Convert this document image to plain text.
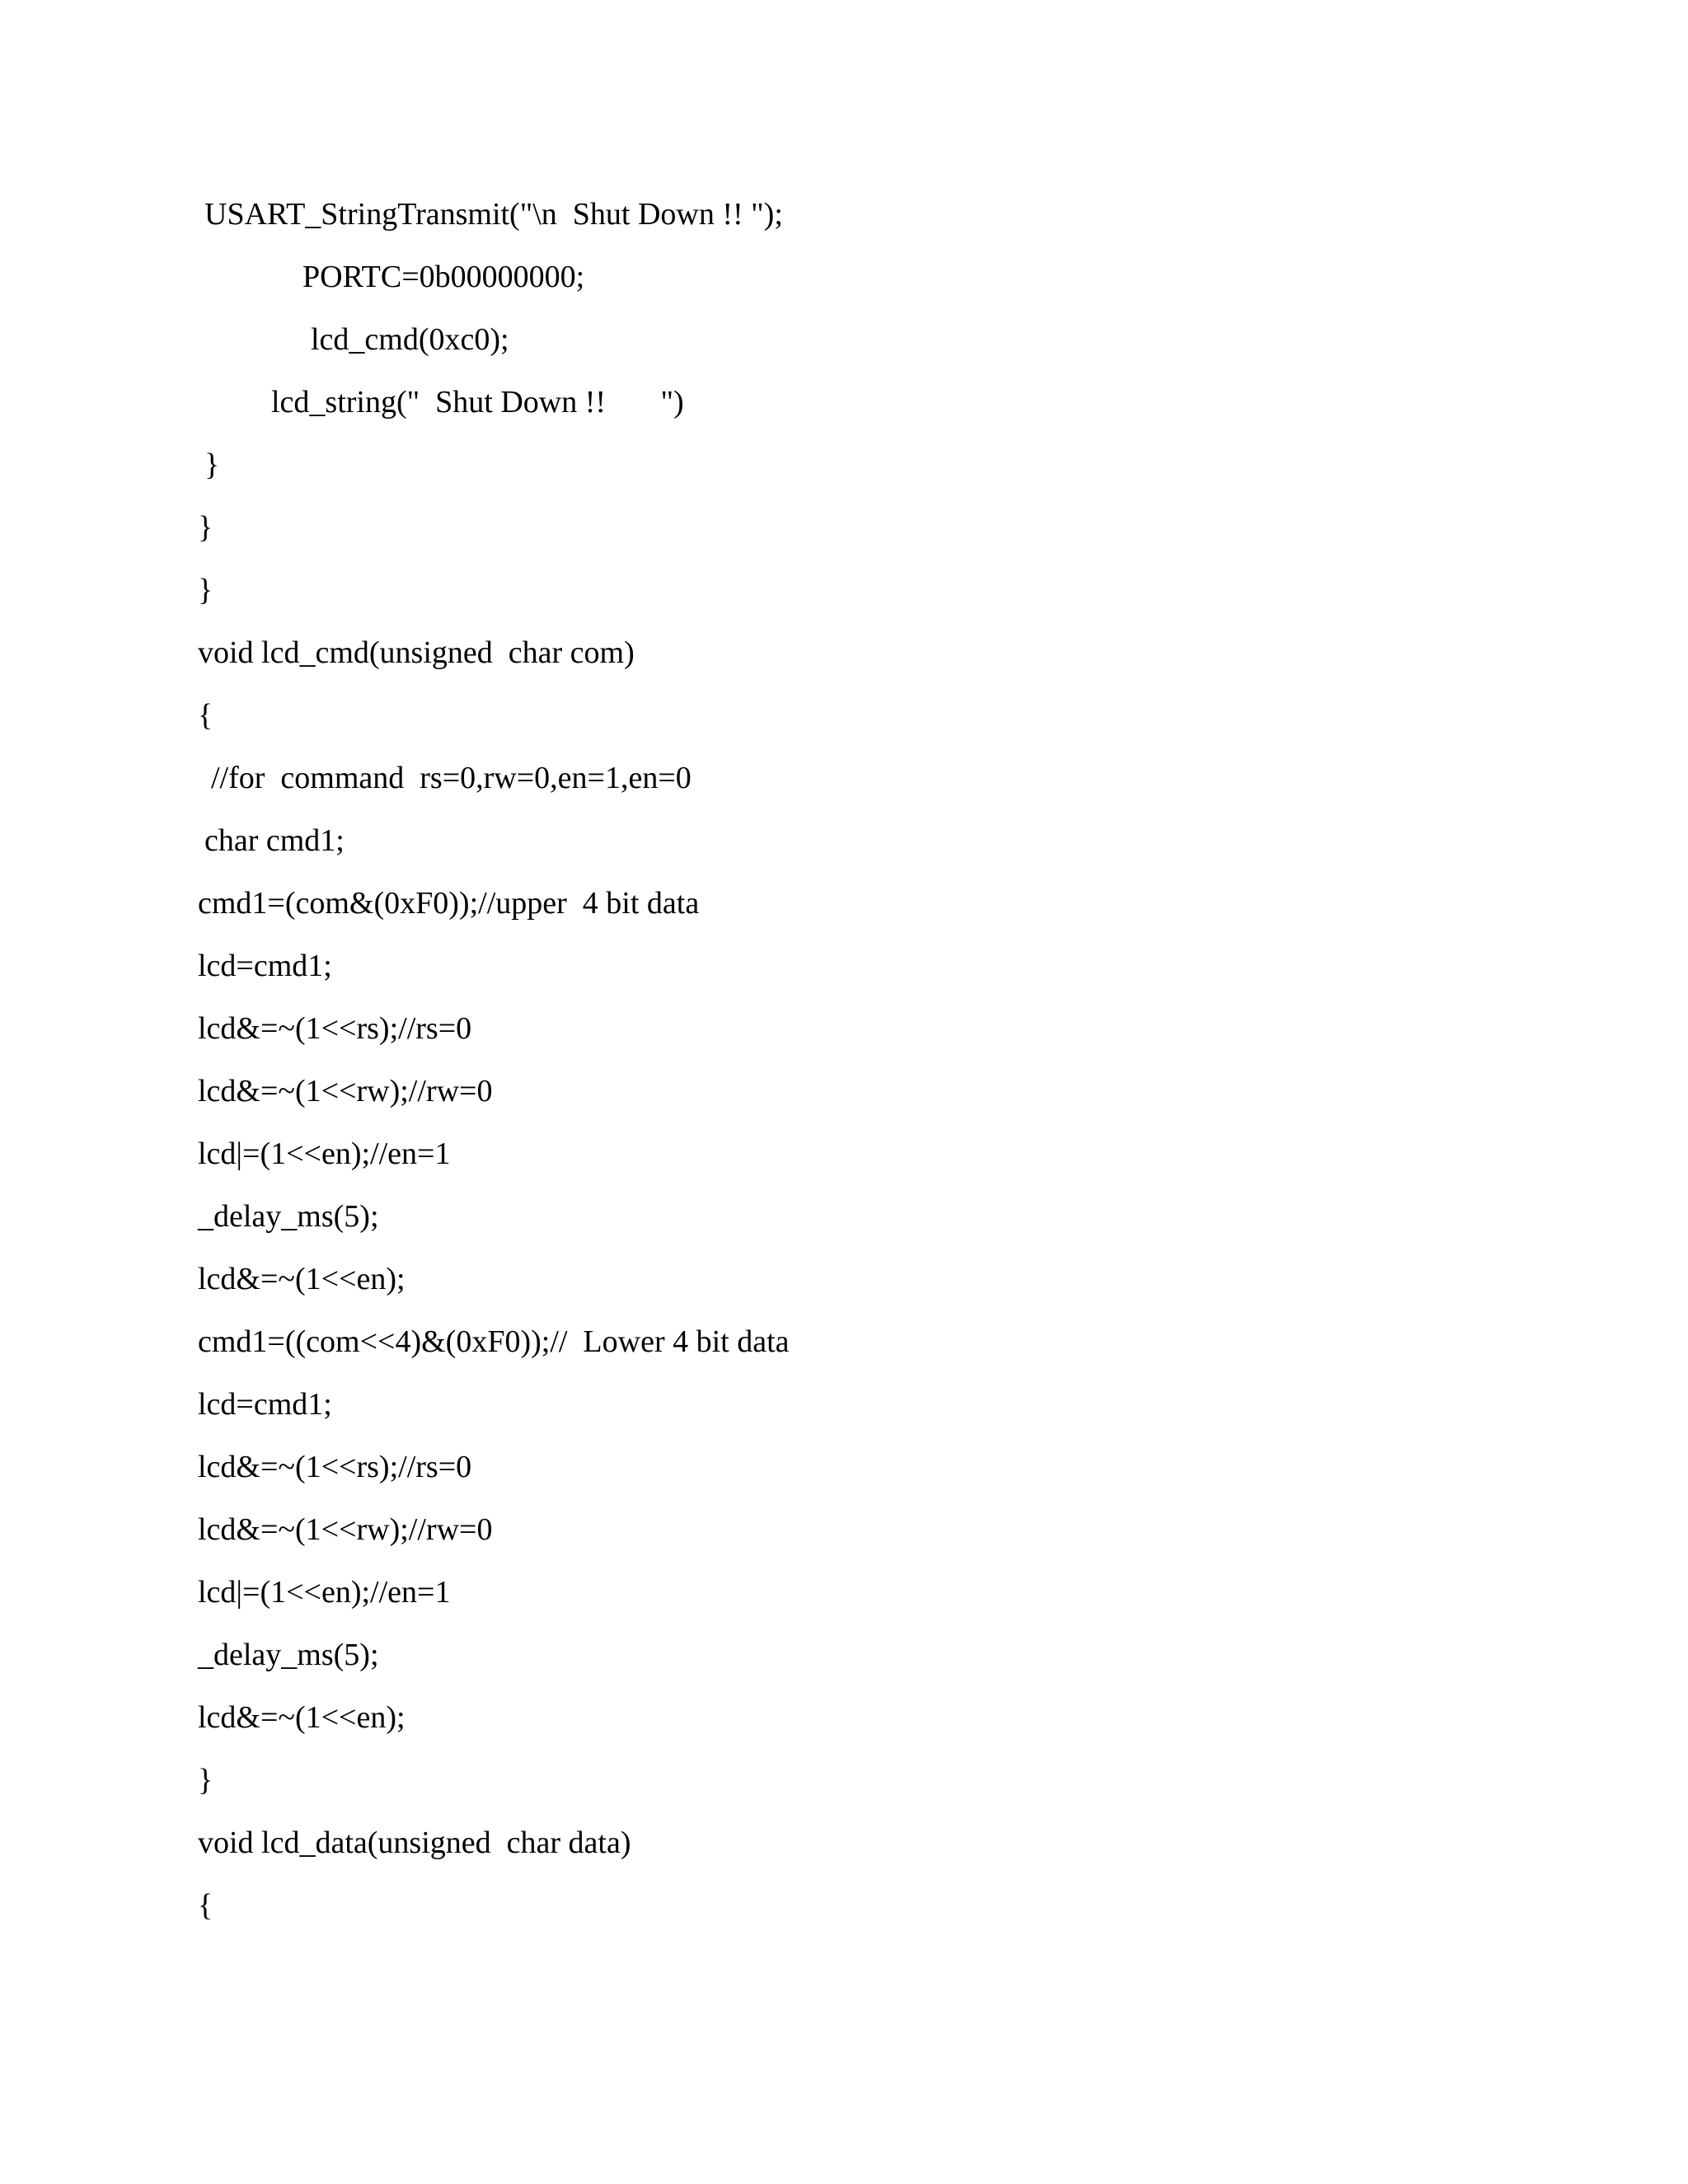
USART_StringTransmit("\n  Shut Down !! ");
PORTC=0b00000000;
lcd_cmd(0xc0);
lcd_string("  Shut Down !!       ")
}
}
}
void lcd_cmd(unsigned  char com)
{
//for  command  rs=0,rw=0,en=1,en=0
char cmd1;
cmd1=(com&(0xF0));//upper  4 bit data
lcd=cmd1;
lcd&=~(1<<rs);//rs=0
lcd&=~(1<<rw);//rw=0
lcd|=(1<<en);//en=1
_delay_ms(5);
lcd&=~(1<<en);
cmd1=((com<<4)&(0xF0));//  Lower 4 bit data
lcd=cmd1;
lcd&=~(1<<rs);//rs=0
lcd&=~(1<<rw);//rw=0
lcd|=(1<<en);//en=1
_delay_ms(5);
lcd&=~(1<<en);
}
void lcd_data(unsigned  char data)
{
